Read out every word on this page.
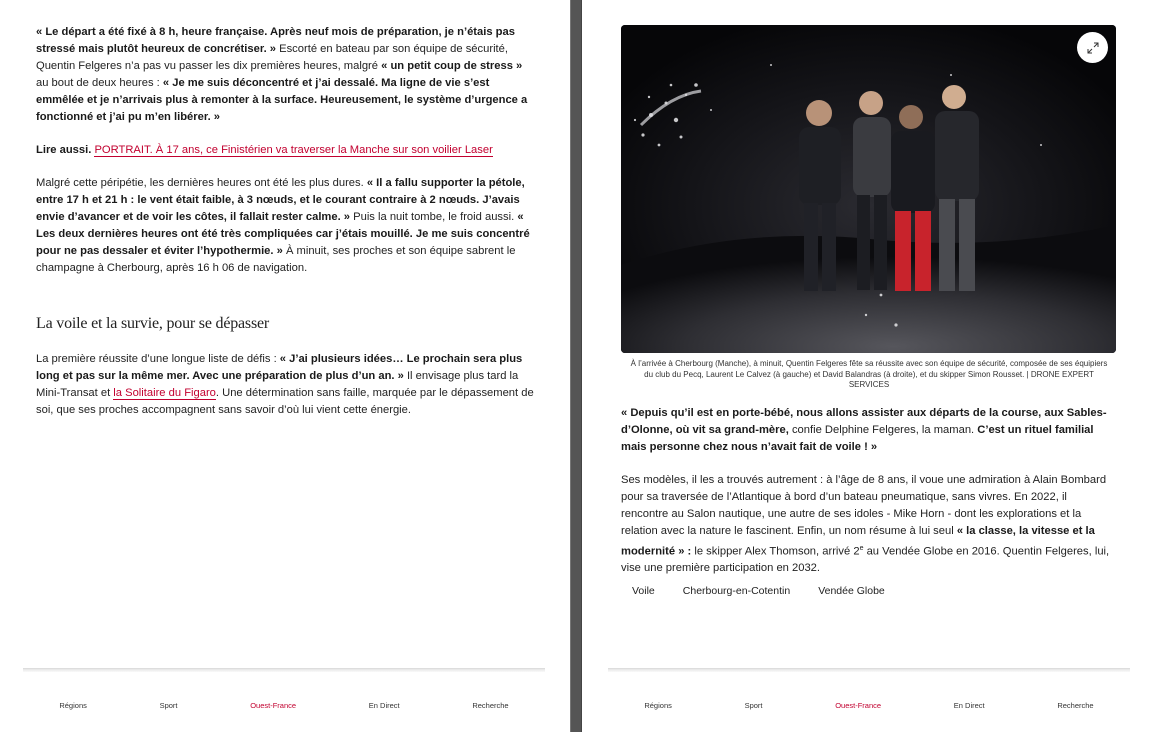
« Le départ a été fixé à 8 h, heure française. Après neuf mois de préparation, je n’étais pas stressé mais plutôt heureux de concrétiser. » Escorté en bateau par son équipe de sécurité, Quentin Felgeres n’a pas vu passer les dix premières heures, malgré « un petit coup de stress » au bout de deux heures : « Je me suis déconcentré et j’ai dessalé. Ma ligne de vie s’est emmêlée et je n’arrivais plus à remonter à la surface. Heureusement, le système d’urgence a fonctionné et j’ai pu m’en libérer. »

Lire aussi. PORTRAIT. À 17 ans, ce Finistérien va traverser la Manche sur son voilier Laser

Malgré cette péripétie, les dernières heures ont été les plus dures. « Il a fallu supporter la pétole, entre 17 h et 21 h : le vent était faible, à 3 nœuds, et le courant contraire à 2 nœuds. J’avais envie d’avancer et de voir les côtes, il fallait rester calme. » Puis la nuit tombe, le froid aussi. « Les deux dernières heures ont été très compliquées car j’étais mouillé. Je me suis concentré pour ne pas dessaler et éviter l’hypothermie. » À minuit, ses proches et son équipe sabrent le champagne à Cherbourg, après 16 h 06 de navigation.

La voile et la survie, pour se dépasser

La première réussite d’une longue liste de défis : « J’ai plusieurs idées… Le prochain sera plus long et pas sur la même mer. Avec une préparation de plus d’un an. » Il envisage plus tard la Mini-Transat et la Solitaire du Figaro. Une détermination sans faille, marquée par le dépassement de soi, que ses proches accompagnent sans savoir d’où lui vient cette énergie.

Régions	Sport	Ouest-France	En Direct	Recherche

À l’arrivée à Cherbourg (Manche), à minuit, Quentin Felgeres fête sa réussite avec son équipe de sécurité, composée de ses équipiers du club du Pecq, Laurent Le Calvez (à gauche) et David Balandras (à droite), et du skipper Simon Rousset. | DRONE EXPERT SERVICES

« Depuis qu’il est en porte-bébé, nous allons assister aux départs de la course, aux Sables-d’Olonne, où vit sa grand-mère, confie Delphine Felgeres, la maman. C’est un rituel familial mais personne chez nous n’avait fait de voile ! »

Ses modèles, il les a trouvés autrement : à l’âge de 8 ans, il voue une admiration à Alain Bombard pour sa traversée de l’Atlantique à bord d’un bateau pneumatique, sans vivres. En 2022, il rencontre au Salon nautique, une autre de ses idoles - Mike Horn - dont les explorations et la relation avec la nature le fascinent. Enfin, un nom résume à lui seul « la classe, la vitesse et la modernité » : le skipper Alex Thomson, arrivé 2e au Vendée Globe en 2016. Quentin Felgeres, lui, vise une première participation en 2032.

Voile	Cherbourg-en-Cotentin	Vendée Globe
Régions	Sport	Ouest-France	En Direct	Recherche
